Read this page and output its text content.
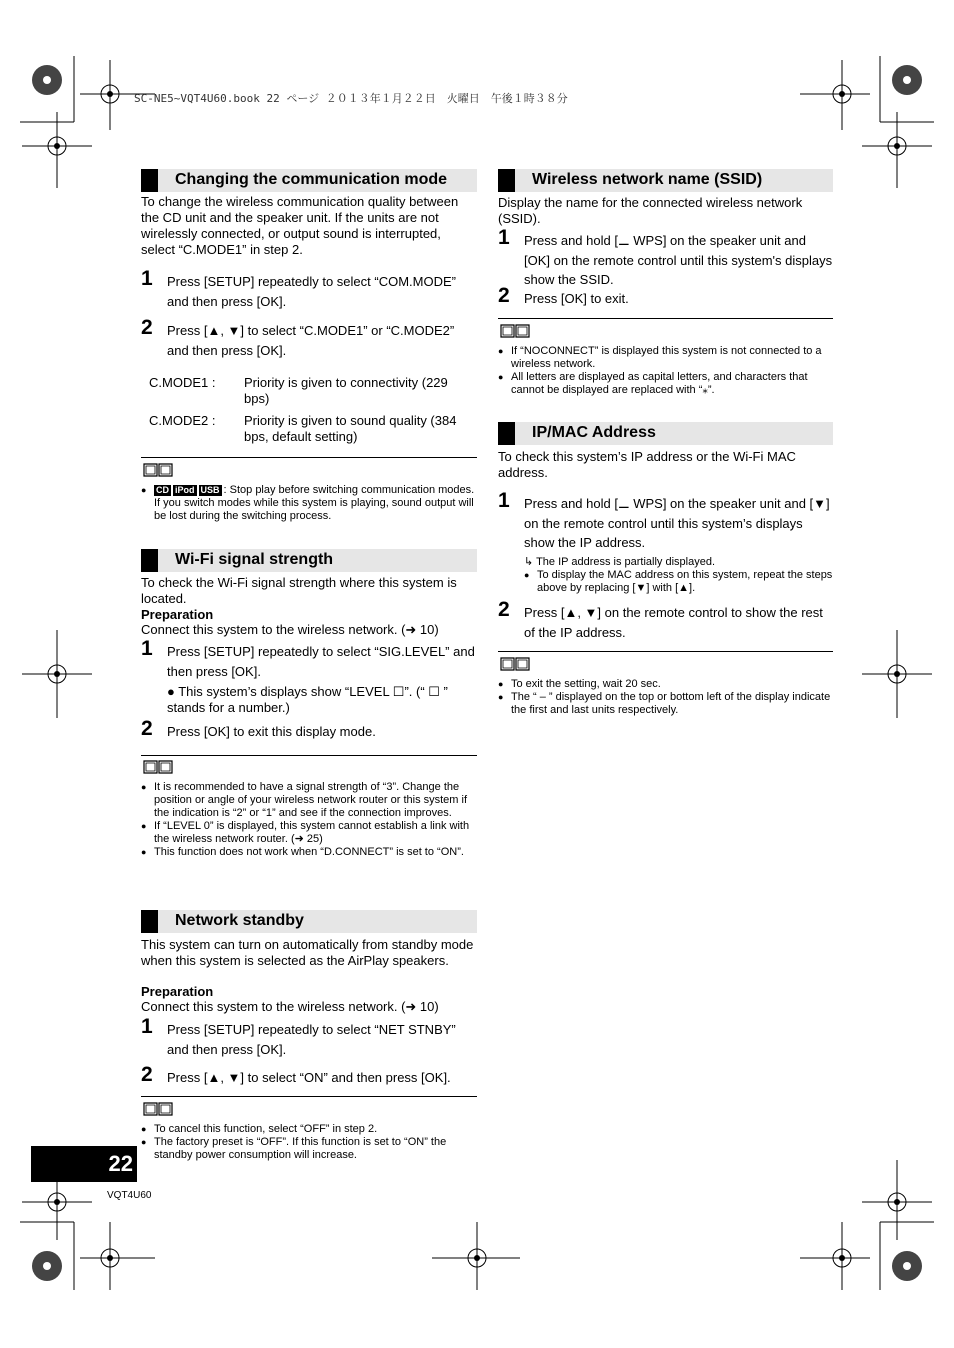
SC-NE5~VQT4U60.book 22 ページ ２０１３年１月２２日　火曜日　午後１時３８分
Changing the communication mode
To change the wireless communication quality between the CD unit and the speaker unit. If the units are not wirelessly connected, or output sound is interrupted, select “C.MODE1” in step 2.
1 Press [SETUP] repeatedly to select “COM.MODE” and then press [OK].
2 Press [▲, ▼] to select “C.MODE1” or “C.MODE2” and then press [OK].
C.MODE1 : Priority is given to connectivity (229 bps)
C.MODE2 : Priority is given to sound quality (384 bps, default setting)
● CD iPod USB : Stop play before switching communication modes. If you switch modes while this system is playing, sound output will be lost during the switching process.
Wi-Fi signal strength
To check the Wi-Fi signal strength where this system is located.
Preparation
Connect this system to the wireless network. (➜ 10)
1 Press [SETUP] repeatedly to select “SIG.LEVEL” and then press [OK].
● This system’s displays show “LEVEL ☐”. (“ ☐ ” stands for a number.)
2 Press [OK] to exit this display mode.
● It is recommended to have a signal strength of “3”. Change the position or angle of your wireless network router or this system if the indication is “2” or “1” and see if the connection improves.
● If “LEVEL 0” is displayed, this system cannot establish a link with the wireless network router. (➜ 25)
● This function does not work when “D.CONNECT” is set to “ON”.
Network standby
This system can turn on automatically from standby mode when this system is selected as the AirPlay speakers.
Preparation
Connect this system to the wireless network. (➜ 10)
1 Press [SETUP] repeatedly to select “NET STNBY” and then press [OK].
2 Press [▲, ▼] to select “ON” and then press [OK].
● To cancel this function, select “OFF” in step 2.
● The factory preset is “OFF”. If this function is set to “ON” the standby power consumption will increase.
Wireless network name (SSID)
Display the name for the connected wireless network (SSID).
1 Press and hold [⚊ WPS] on the speaker unit and [OK] on the remote control until this system's displays show the SSID.
2 Press [OK] to exit.
● If “NOCONNECT” is displayed this system is not connected to a wireless network.
● All letters are displayed as capital letters, and characters that cannot be displayed are replaced with “⁎”.
IP/MAC Address
To check this system’s IP address or the Wi-Fi MAC address.
1 Press and hold [⚊ WPS] on the speaker unit and [▼] on the remote control until this system’s displays show the IP address.
↳ The IP address is partially displayed.
● To display the MAC address on this system, repeat the steps above by replacing [▼] with [▲].
2 Press [▲, ▼] on the remote control to show the rest of the IP address.
● To exit the setting, wait 20 sec.
● The “ – ” displayed on the top or bottom left of the display indicate the first and last units respectively.
22
VQT4U60
